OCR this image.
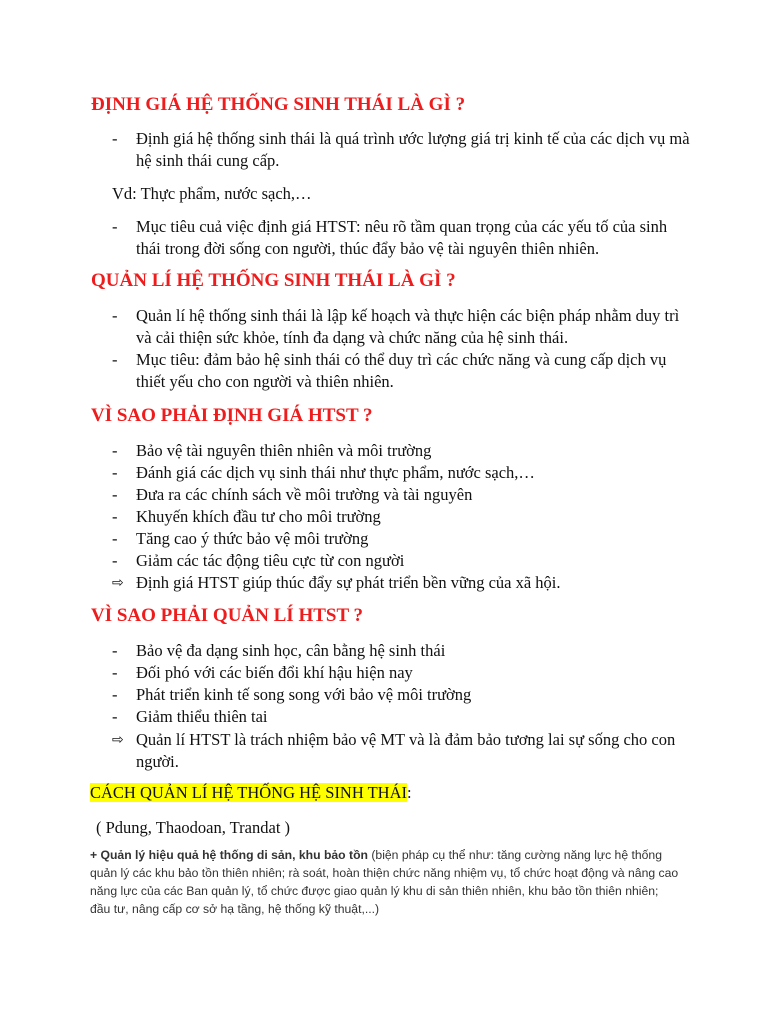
ĐỊNH GIÁ HỆ THỐNG SINH THÁI LÀ GÌ ?
-	Định giá hệ thống sinh thái là quá trình ước lượng giá trị kinh tế của các dịch vụ mà hệ sinh thái cung cấp.

Vd: Thực phẩm, nước sạch,…

-	Mục tiêu cuả việc định giá HTST: nêu rõ tầm quan trọng của các yếu tố của sinh thái trong đời sống con người, thúc đẩy bảo vệ tài nguyên thiên nhiên.
QUẢN LÍ HỆ THỐNG SINH THÁI LÀ GÌ ?
-	Quản lí hệ thống sinh thái là lập kế hoạch và thực hiện các biện pháp nhằm duy trì và cải thiện sức khỏe, tính đa dạng và chức năng của hệ sinh thái.
-	Mục tiêu: đảm bảo hệ sinh thái có thể duy trì các chức năng và cung cấp dịch vụ thiết yếu cho con người và thiên nhiên.
VÌ SAO PHẢI ĐỊNH GIÁ HTST ?
-	Bảo vệ tài nguyên thiên nhiên và môi trường
-	Đánh giá các dịch vụ sinh thái như thực phẩm, nước sạch,…
-	Đưa ra các chính sách về môi trường và tài nguyên
-	Khuyến khích đầu tư cho môi trường
-	Tăng cao ý thức bảo vệ môi trường
-	Giảm các tác động tiêu cực từ con người
⇨ Định giá HTST giúp thúc đẩy sự phát triển bền vững của xã hội.
VÌ SAO PHẢI QUẢN LÍ HTST ?
-	Bảo vệ đa dạng sinh học, cân bằng hệ sinh thái
-	Đối phó với các biến đổi khí hậu hiện nay
-	Phát triển kinh tế song song với bảo vệ môi trường
-	Giảm thiểu thiên tai
⇨ Quản lí HTST là trách nhiệm bảo vệ MT và là đảm bảo tương lai sự sống cho con người.
CÁCH QUẢN LÍ HỆ THỐNG HỆ SINH THÁI:

( Pdung, Thaodoan, Trandat )

+ Quản lý hiệu quả hệ thống di sản, khu bảo tồn (biện pháp cụ thể như: tăng cường năng lực hệ thống quản lý các khu bảo tồn thiên nhiên; rà soát, hoàn thiện chức năng nhiệm vụ, tổ chức hoạt động và nâng cao năng lực của các Ban quản lý, tổ chức được giao quản lý khu di sản thiên nhiên, khu bảo tồn thiên nhiên; đầu tư, nâng cấp cơ sở hạ tầng, hệ thống kỹ thuật,...)
